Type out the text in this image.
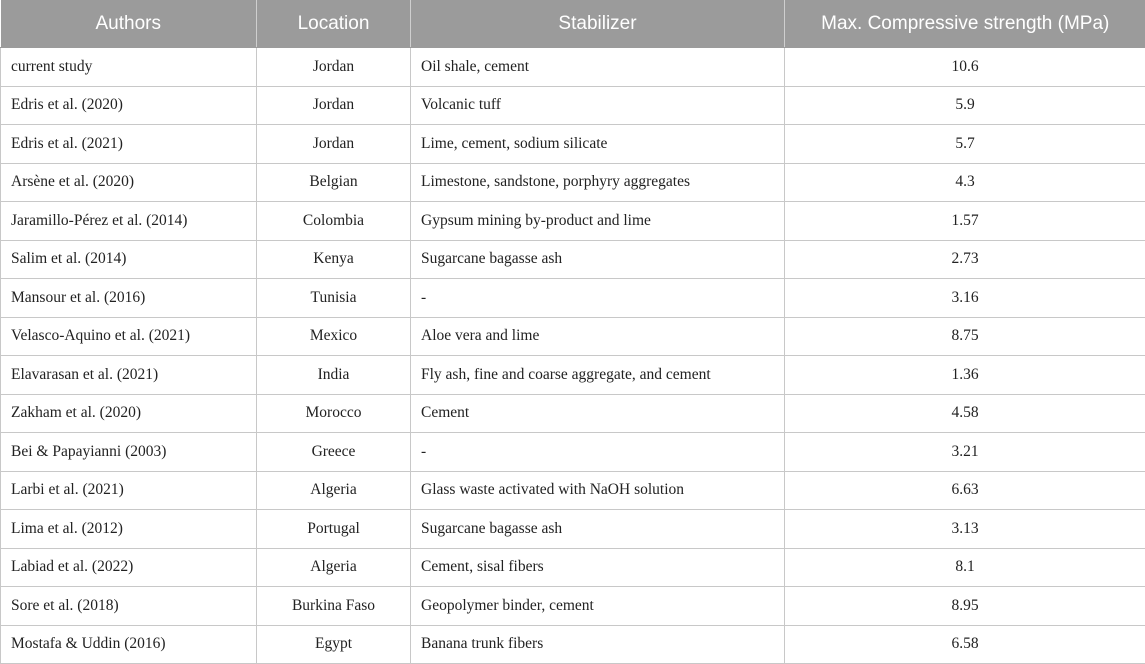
Authors	Location	Stabilizer	Max. Compressive strength (MPa)
current study	Jordan	Oil shale, cement	10.6
Edris et al. (2020)	Jordan	Volcanic tuff	5.9
Edris et al. (2021)	Jordan	Lime, cement, sodium silicate	5.7
Arsène et al. (2020)	Belgian	Limestone, sandstone, porphyry aggregates	4.3
Jaramillo-Pérez et al. (2014)	Colombia	Gypsum mining by-product and lime	1.57
Salim et al. (2014)	Kenya	Sugarcane bagasse ash	2.73
Mansour et al. (2016)	Tunisia	-	3.16
Velasco-Aquino et al. (2021)	Mexico	Aloe vera and lime	8.75
Elavarasan et al. (2021)	India	Fly ash, fine and coarse aggregate, and cement	1.36
Zakham et al. (2020)	Morocco	Cement	4.58
Bei & Papayianni (2003)	Greece	-	3.21
Larbi et al. (2021)	Algeria	Glass waste activated with NaOH solution	6.63
Lima et al. (2012)	Portugal	Sugarcane bagasse ash	3.13
Labiad et al. (2022)	Algeria	Cement, sisal fibers	8.1
Sore et al. (2018)	Burkina Faso	Geopolymer binder, cement	8.95
Mostafa & Uddin (2016)	Egypt	Banana trunk fibers	6.58
